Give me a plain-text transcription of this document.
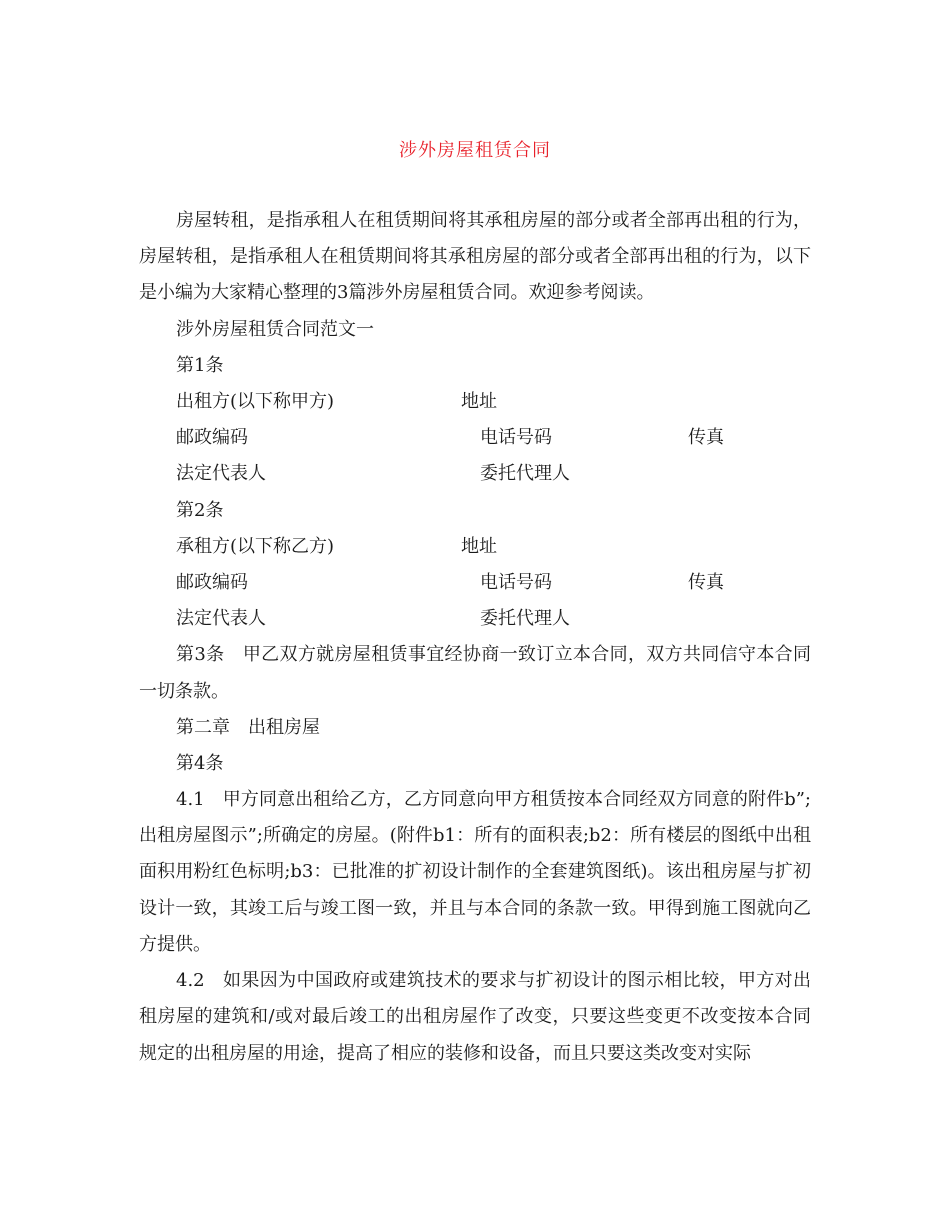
涉外房屋租赁合同

房屋转租，是指承租人在租赁期间将其承租房屋的部分或者全部再出租的行为，房屋转租，是指承租人在租赁期间将其承租房屋的部分或者全部再出租的行为，以下是小编为大家精心整理的3篇涉外房屋租赁合同。欢迎参考阅读。

涉外房屋租赁合同范文一

第1条

出租方(以下称甲方)	地址

邮政编码	电话号码	传真

法定代表人	委托代理人

第2条

承租方(以下称乙方)	地址

邮政编码	电话号码	传真

法定代表人	委托代理人

第3条 甲乙双方就房屋租赁事宜经协商一致订立本合同，双方共同信守本合同一切条款。

第二章 出租房屋

第4条

4.1 甲方同意出租给乙方，乙方同意向甲方租赁按本合同经双方同意的附件b”;出租房屋图示”;所确定的房屋。(附件b1：所有的面积表;b2：所有楼层的图纸中出租面积用粉红色标明;b3：已批准的扩初设计制作的全套建筑图纸)。该出租房屋与扩初设计一致，其竣工后与竣工图一致，并且与本合同的条款一致。甲得到施工图就向乙方提供。

4.2 如果因为中国政府或建筑技术的要求与扩初设计的图示相比较，甲方对出租房屋的建筑和/或对最后竣工的出租房屋作了改变，只要这些变更不改变按本合同规定的出租房屋的用途，提高了相应的装修和设备，而且只要这类改变对实际
